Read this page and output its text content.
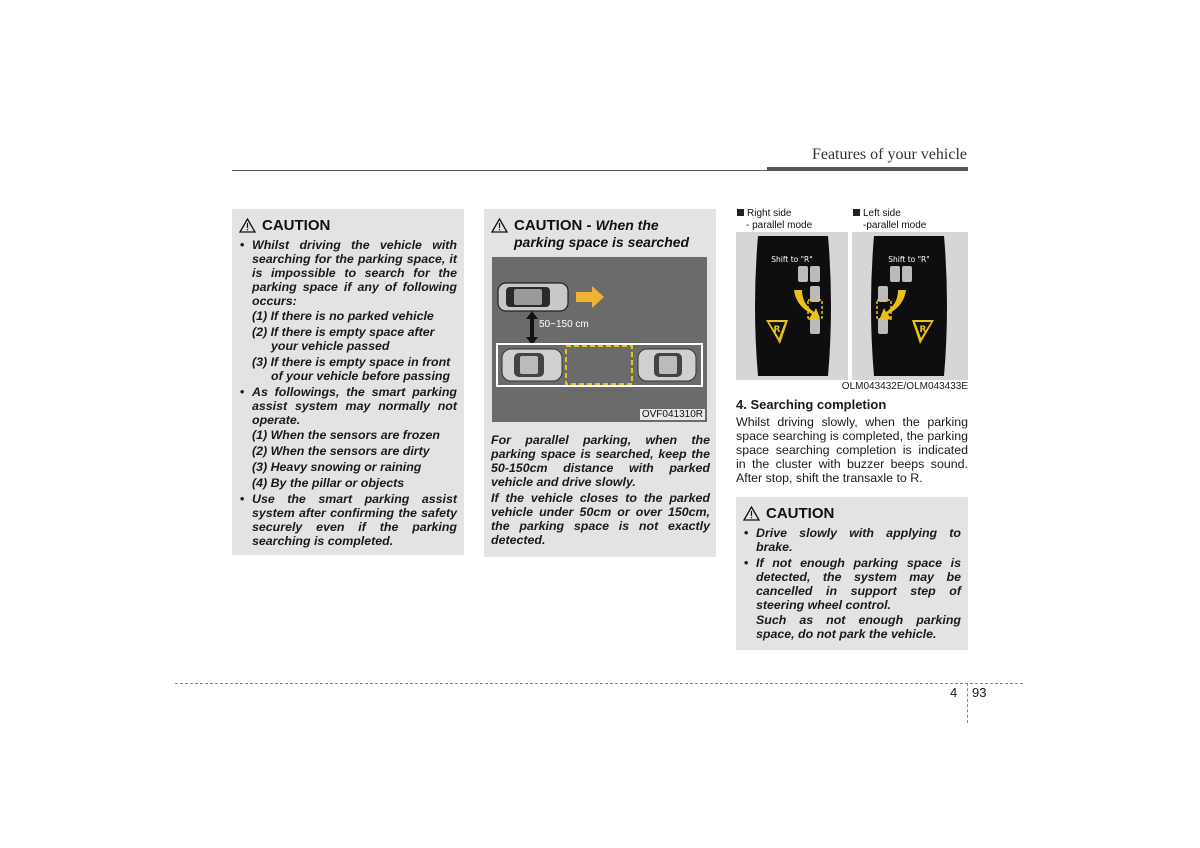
Features of your vehicle
CAUTION
• Whilst driving the vehicle with searching for the parking space, it is impossible to search for the parking space if any of following occurs:
(1) If there is no parked vehicle
(2) If there is empty space after your vehicle passed
(3) If there is empty space in front of your vehicle before passing
• As followings, the smart parking assist system may normally not operate.
(1) When the sensors are frozen
(2) When the sensors are dirty
(3) Heavy snowing or raining
(4) By the pillar or objects
• Use the smart parking assist system after confirming the safety securely even if the parking searching is completed.
CAUTION - When the parking space is searched
50~150 cm
OVF041310R

For parallel parking, when the parking space is searched, keep the 50-150cm distance with parked vehicle and drive slowly.

If the vehicle closes to the parked vehicle under 50cm or over 150cm, the parking space is not exactly detected.

Right side
- parallel mode
Left side
-parallel mode
Shift to "R"	Shift to "R"
R	R
OLM043432E/OLM043433E
4. Searching completion

Whilst driving slowly, when the parking space searching is completed, the parking space searching completion is indicated in the cluster with buzzer beeps sound. After stop, shift the transaxle to R.

CAUTION
• Drive slowly with applying to brake.
• If not enough parking space is detected, the system may be cancelled in support step of steering wheel control.
Such as not enough parking space, do not park the vehicle.
4 93
